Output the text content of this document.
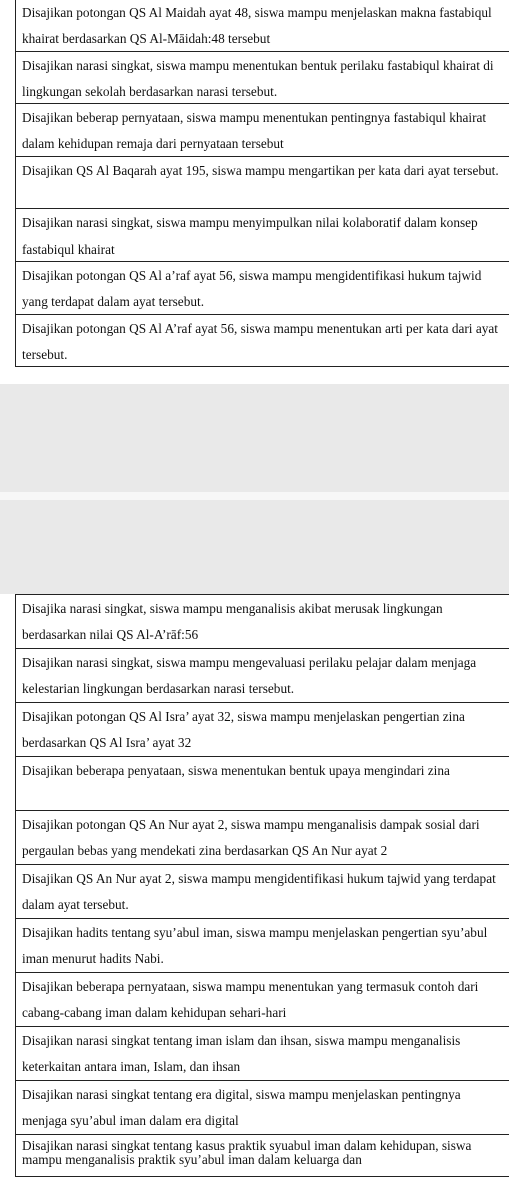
Disajikan potongan QS Al Maidah ayat 48, siswa mampu menjelaskan makna fastabiqul khairat berdasarkan QS Al-Māidah:48 tersebut
Disajikan narasi singkat, siswa mampu menentukan bentuk perilaku fastabiqul khairat di lingkungan sekolah berdasarkan narasi tersebut.
Disajikan beberap pernyataan, siswa mampu menentukan pentingnya fastabiqul khairat dalam kehidupan remaja dari pernyataan tersebut
Disajikan QS Al Baqarah ayat 195, siswa mampu mengartikan per kata dari ayat tersebut.
Disajikan narasi singkat, siswa mampu menyimpulkan nilai kolaboratif dalam konsep fastabiqul khairat
Disajikan potongan QS Al a’raf ayat 56, siswa mampu mengidentifikasi hukum tajwid yang terdapat dalam ayat tersebut.
Disajikan potongan QS Al A’raf ayat 56, siswa mampu menentukan arti per kata dari ayat tersebut.
Disajika narasi singkat, siswa mampu menganalisis akibat merusak lingkungan berdasarkan nilai QS Al-A’rāf:56
Disajikan narasi singkat, siswa mampu mengevaluasi perilaku pelajar dalam menjaga kelestarian lingkungan berdasarkan narasi tersebut.
Disajikan potongan QS Al Isra’ ayat 32, siswa mampu menjelaskan pengertian zina berdasarkan QS Al Isra’ ayat 32
Disajikan beberapa penyataan, siswa menentukan bentuk upaya mengindari zina
Disajikan potongan QS An Nur ayat 2, siswa mampu menganalisis dampak sosial dari pergaulan bebas yang mendekati zina berdasarkan QS An Nur ayat 2
Disajikan QS An Nur ayat 2, siswa mampu mengidentifikasi hukum tajwid yang terdapat dalam ayat tersebut.
Disajikan hadits tentang syu’abul iman, siswa mampu menjelaskan pengertian syu’abul iman menurut hadits Nabi.
Disajikan beberapa pernyataan, siswa mampu menentukan yang termasuk contoh dari cabang-cabang iman dalam kehidupan sehari-hari
Disajikan narasi singkat tentang iman islam dan ihsan, siswa mampu menganalisis keterkaitan antara iman, Islam, dan ihsan
Disajikan narasi singkat tentang era digital, siswa mampu menjelaskan pentingnya menjaga syu’abul iman dalam era digital
Disajikan narasi singkat tentang kasus praktik syuabul iman dalam kehidupan, siswa mampu menganalisis praktik syu’abul iman dalam keluarga dan
